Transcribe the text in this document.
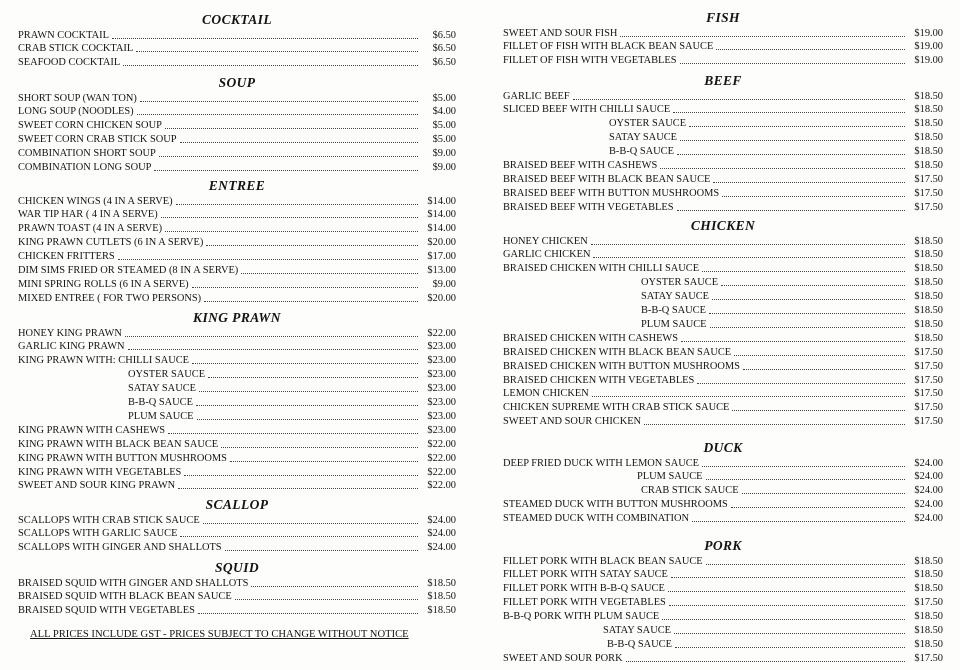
COCKTAIL
PRAWN COCKTAIL	$6.50
CRAB STICK COCKTAIL	$6.50
SEAFOOD COCKTAIL	$6.50
SOUP
SHORT SOUP (WAN TON)	$5.00
LONG SOUP (NOODLES)	$4.00
SWEET CORN CHICKEN SOUP	$5.00
SWEET CORN CRAB STICK SOUP	$5.00
COMBINATION SHORT SOUP	$9.00
COMBINATION LONG SOUP	$9.00
ENTREE
CHICKEN WINGS (4 IN A SERVE)	$14.00
WAR TIP HAR ( 4 IN A SERVE)	$14.00
PRAWN TOAST (4 IN A SERVE)	$14.00
KING PRAWN CUTLETS (6 IN A SERVE)	$20.00
CHICKEN FRITTERS	$17.00
DIM SIMS FRIED OR STEAMED (8 IN A SERVE)	$13.00
MINI SPRING ROLLS (6 IN A SERVE)	$9.00
MIXED ENTREE ( FOR TWO PERSONS)	$20.00
KING PRAWN
HONEY KING PRAWN	$22.00
GARLIC KING PRAWN	$23.00
KING PRAWN WITH: CHILLI SAUCE	$23.00
OYSTER SAUCE	$23.00
SATAY SAUCE	$23.00
B-B-Q SAUCE	$23.00
PLUM SAUCE	$23.00
KING PRAWN WITH CASHEWS	$23.00
KING PRAWN WITH BLACK BEAN SAUCE	$22.00
KING PRAWN WITH BUTTON MUSHROOMS	$22.00
KING PRAWN WITH VEGETABLES	$22.00
SWEET AND SOUR KING PRAWN	$22.00
SCALLOP
SCALLOPS WITH CRAB STICK SAUCE	$24.00
SCALLOPS WITH GARLIC SAUCE	$24.00
SCALLOPS WITH GINGER AND SHALLOTS	$24.00
SQUID
BRAISED SQUID WITH GINGER AND SHALLOTS	$18.50
BRAISED SQUID WITH BLACK BEAN SAUCE	$18.50
BRAISED SQUID WITH VEGETABLES	$18.50
FISH
SWEET AND SOUR FISH	$19.00
FILLET OF FISH WITH BLACK BEAN SAUCE	$19.00
FILLET OF FISH WITH VEGETABLES	$19.00
BEEF
GARLIC BEEF	$18.50
SLICED BEEF WITH CHILLI SAUCE	$18.50
OYSTER SAUCE	$18.50
SATAY SAUCE	$18.50
B-B-Q SAUCE	$18.50
BRAISED BEEF WITH CASHEWS	$18.50
BRAISED BEEF WITH BLACK BEAN SAUCE	$17.50
BRAISED BEEF WITH BUTTON MUSHROOMS	$17.50
BRAISED BEEF WITH VEGETABLES	$17.50
CHICKEN
HONEY CHICKEN	$18.50
GARLIC CHICKEN	$18.50
BRAISED CHICKEN WITH CHILLI SAUCE	$18.50
OYSTER SAUCE	$18.50
SATAY SAUCE	$18.50
B-B-Q SAUCE	$18.50
PLUM SAUCE	$18.50
BRAISED CHICKEN WITH CASHEWS	$18.50
BRAISED CHICKEN WITH BLACK BEAN SAUCE	$17.50
BRAISED CHICKEN WITH BUTTON MUSHROOMS	$17.50
BRAISED CHICKEN WITH VEGETABLES	$17.50
LEMON CHICKEN	$17.50
CHICKEN SUPREME WITH CRAB STICK SAUCE	$17.50
SWEET AND SOUR CHICKEN	$17.50
DUCK
DEEP FRIED DUCK WITH LEMON SAUCE	$24.00
PLUM SAUCE	$24.00
CRAB STICK SAUCE	$24.00
STEAMED DUCK WITH BUTTON MUSHROOMS	$24.00
STEAMED DUCK WITH COMBINATION	$24.00
PORK
FILLET PORK WITH BLACK BEAN SAUCE	$18.50
FILLET PORK WITH SATAY SAUCE	$18.50
FILLET PORK WITH B-B-Q SAUCE	$18.50
FILLET PORK WITH VEGETABLES	$17.50
B-B-Q PORK WITH PLUM SAUCE	$18.50
SATAY SAUCE	$18.50
B-B-Q SAUCE	$18.50
SWEET AND SOUR PORK	$17.50
ALL PRICES INCLUDE GST - PRICES SUBJECT TO CHANGE WITHOUT NOTICE
